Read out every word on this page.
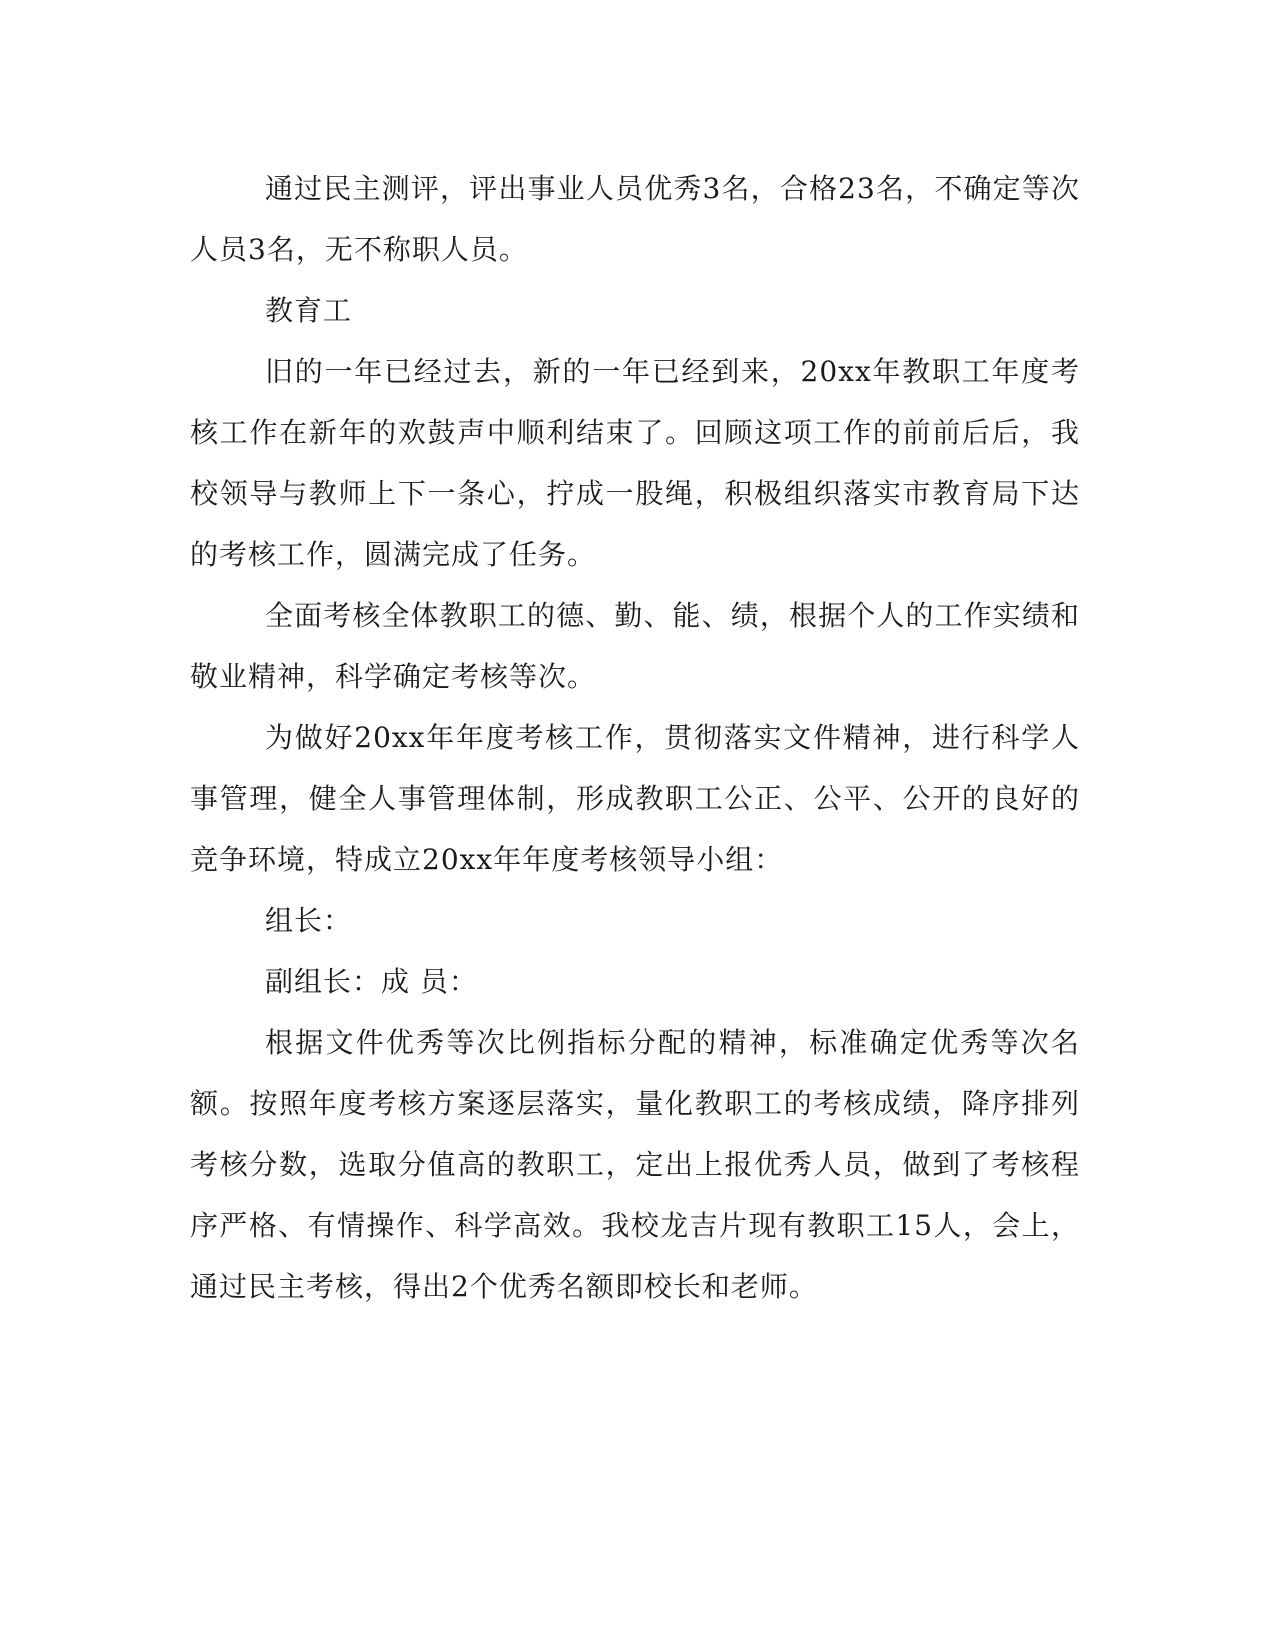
通过民主测评，评出事业人员优秀3名，合格23名，不确定等次人员3名，无不称职人员。

教育工

旧的一年已经过去，新的一年已经到来，20xx年教职工年度考核工作在新年的欢鼓声中顺利结束了。回顾这项工作的前前后后，我校领导与教师上下一条心，拧成一股绳，积极组织落实市教育局下达的考核工作，圆满完成了任务。

全面考核全体教职工的德、勤、能、绩，根据个人的工作实绩和敬业精神，科学确定考核等次。

为做好20xx年年度考核工作，贯彻落实文件精神，进行科学人事管理，健全人事管理体制，形成教职工公正、公平、公开的良好的竞争环境，特成立20xx年年度考核领导小组：

组长：

副组长：成 员：

根据文件优秀等次比例指标分配的精神，标准确定优秀等次名额。按照年度考核方案逐层落实，量化教职工的考核成绩，降序排列考核分数，选取分值高的教职工，定出上报优秀人员，做到了考核程序严格、有情操作、科学高效。我校龙吉片现有教职工15人，会上，通过民主考核，得出2个优秀名额即校长和老师。
